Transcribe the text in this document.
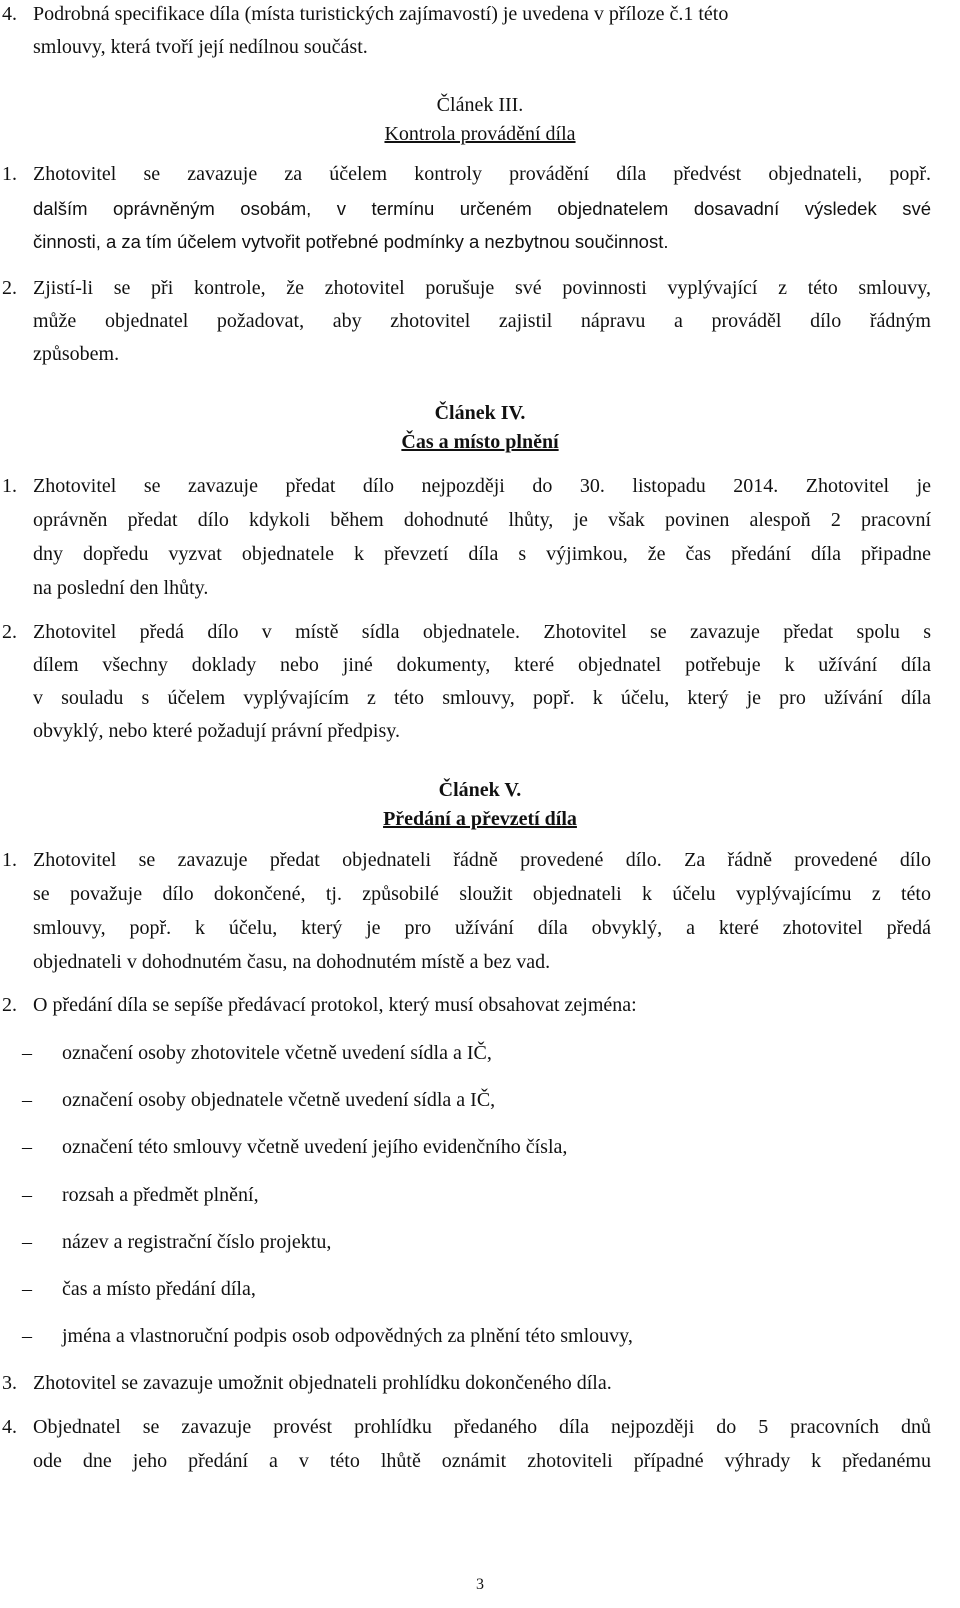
4. Podrobná specifikace díla (místa turistických zajímavostí) je uvedena v příloze č.1 této

smlouvy, která tvoří její nedílnou součást.

Článek III.

Kontrola provádění díla

1. Zhotovitel se zavazuje za účelem kontroly provádění díla předvést objednateli, popř.

dalším oprávněným osobám, v termínu určeném objednatelem dosavadní výsledek své

činnosti, a za tím účelem vytvořit potřebné podmínky a nezbytnou součinnost.

2. Zjistí-li se při kontrole, že zhotovitel porušuje své povinnosti vyplývající z této smlouvy,

může objednatel požadovat, aby zhotovitel zajistil nápravu a prováděl dílo řádným

způsobem.

Článek IV.

Čas a místo plnění

1. Zhotovitel se zavazuje předat dílo nejpozději do 30. listopadu 2014. Zhotovitel je

oprávněn předat dílo kdykoli během dohodnuté lhůty, je však povinen alespoň 2 pracovní

dny dopředu vyzvat objednatele k převzetí díla s výjimkou, že čas předání díla připadne

na poslední den lhůty.

2. Zhotovitel předá dílo v místě sídla objednatele. Zhotovitel se zavazuje předat spolu s

dílem všechny doklady nebo jiné dokumenty, které objednatel potřebuje k užívání díla

v souladu s účelem vyplývajícím z této smlouvy, popř. k účelu, který je pro užívání díla

obvyklý, nebo které požadují právní předpisy.

Článek V.

Předání a převzetí díla

1. Zhotovitel se zavazuje předat objednateli řádně provedené dílo. Za řádně provedené dílo

se považuje dílo dokončené, tj. způsobilé sloužit objednateli k účelu vyplývajícímu z této

smlouvy, popř. k účelu, který je pro užívání díla obvyklý, a které zhotovitel předá

objednateli v dohodnutém času, na dohodnutém místě a bez vad.

2. O předání díla se sepíše předávací protokol, který musí obsahovat zejména:

– označení osoby zhotovitele včetně uvedení sídla a IČ,
– označení osoby objednatele včetně uvedení sídla a IČ,
– označení této smlouvy včetně uvedení jejího evidenčního čísla,
– rozsah a předmět plnění,
– název a registrační číslo projektu,
– čas a místo předání díla,
– jména a vlastnoruční podpis osob odpovědných za plnění této smlouvy,

3. Zhotovitel se zavazuje umožnit objednateli prohlídku dokončeného díla.

4. Objednatel se zavazuje provést prohlídku předaného díla nejpozději do 5 pracovních dnů

ode dne jeho předání a v této lhůtě oznámit zhotoviteli případné výhrady k předanému

3
